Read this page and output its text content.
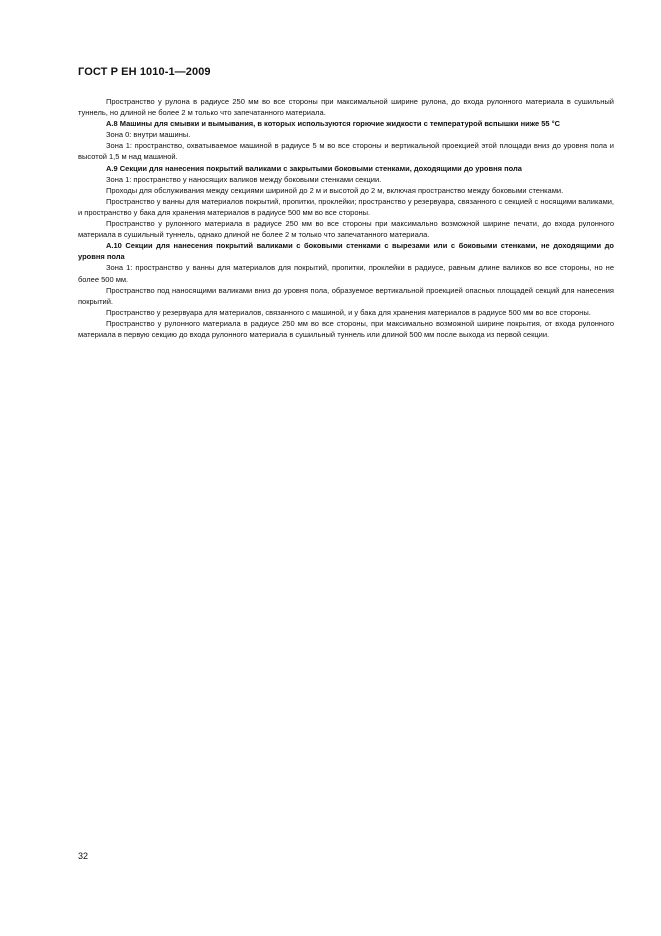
ГОСТ Р ЕН 1010-1—2009

Пространство у рулона в радиусе 250 мм во все стороны при максимальной ширине рулона, до входа рулонного материала в сушильный туннель, но длиной не более 2 м только что запечатанного материала.

A.8 Машины для смывки и вымывания, в которых используются горючие жидкости с температурой вспышки ниже 55 °С

Зона 0: внутри машины.

Зона 1: пространство, охватываемое машиной в радиусе 5 м во все стороны и вертикальной проекцией этой площади вниз до уровня пола и высотой 1,5 м над машиной.

A.9 Секции для нанесения покрытий валиками с закрытыми боковыми стенками, доходящими до уровня пола

Зона 1: пространство у наносящих валиков между боковыми стенками секции.

Проходы для обслуживания между секциями шириной до 2 м и высотой до 2 м, включая пространство между боковыми стенками.

Пространство у ванны для материалов покрытий, пропитки, проклейки; пространство у резервуара, связанного с секцией с носящими валиками, и пространство у бака для хранения материалов в радиусе 500 мм во все стороны.

Пространство у рулонного материала в радиусе 250 мм во все стороны при максимально возможной ширине печати, до входа рулонного материала в сушильный туннель, однако длиной не более 2 м только что запечатанного материала.

A.10 Секции для нанесения покрытий валиками с боковыми стенками с вырезами или с боковыми стенками, не доходящими до уровня пола

Зона 1: пространство у ванны для материалов для покрытий, пропитки, проклейки в радиусе, равным длине валиков во все стороны, но не более 500 мм.

Пространство под наносящими валиками вниз до уровня пола, образуемое вертикальной проекцией опасных площадей секций для нанесения покрытий.

Пространство у резервуара для материалов, связанного с машиной, и у бака для хранения материалов в радиусе 500 мм во все стороны.

Пространство у рулонного материала в радиусе 250 мм во все стороны, при максимально возможной ширине покрытия, от входа рулонного материала в первую секцию до входа рулонного материала в сушильный туннель или длиной 500 мм после выхода из первой секции.

32
